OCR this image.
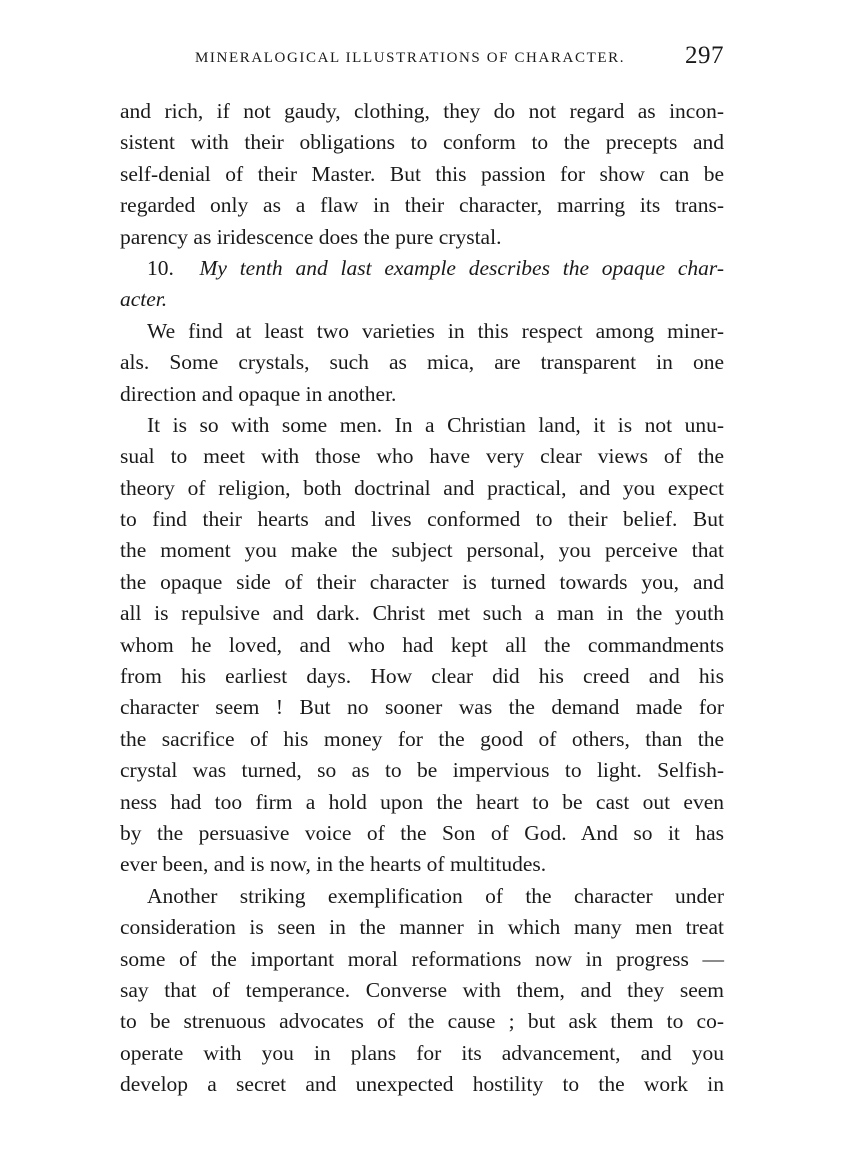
MINERALOGICAL ILLUSTRATIONS OF CHARACTER. 297
and rich, if not gaudy, clothing, they do not regard as incon-
sistent with their obligations to conform to the precepts and
self-denial of their Master. But this passion for show can be
regarded only as a flaw in their character, marring its trans-
parency as iridescence does the pure crystal.
10. My tenth and last example describes the opaque char-
acter.
We find at least two varieties in this respect among miner-
als. Some crystals, such as mica, are transparent in one
direction and opaque in another.
It is so with some men. In a Christian land, it is not unu-
sual to meet with those who have very clear views of the
theory of religion, both doctrinal and practical, and you expect
to find their hearts and lives conformed to their belief. But
the moment you make the subject personal, you perceive that
the opaque side of their character is turned towards you, and
all is repulsive and dark. Christ met such a man in the youth
whom he loved, and who had kept all the commandments
from his earliest days. How clear did his creed and his
character seem ! But no sooner was the demand made for
the sacrifice of his money for the good of others, than the
crystal was turned, so as to be impervious to light. Selfish-
ness had too firm a hold upon the heart to be cast out even
by the persuasive voice of the Son of God. And so it has
ever been, and is now, in the hearts of multitudes.
Another striking exemplification of the character under
consideration is seen in the manner in which many men treat
some of the important moral reformations now in progress —
say that of temperance. Converse with them, and they seem
to be strenuous advocates of the cause ; but ask them to co-
operate with you in plans for its advancement, and you
develop a secret and unexpected hostility to the work in
